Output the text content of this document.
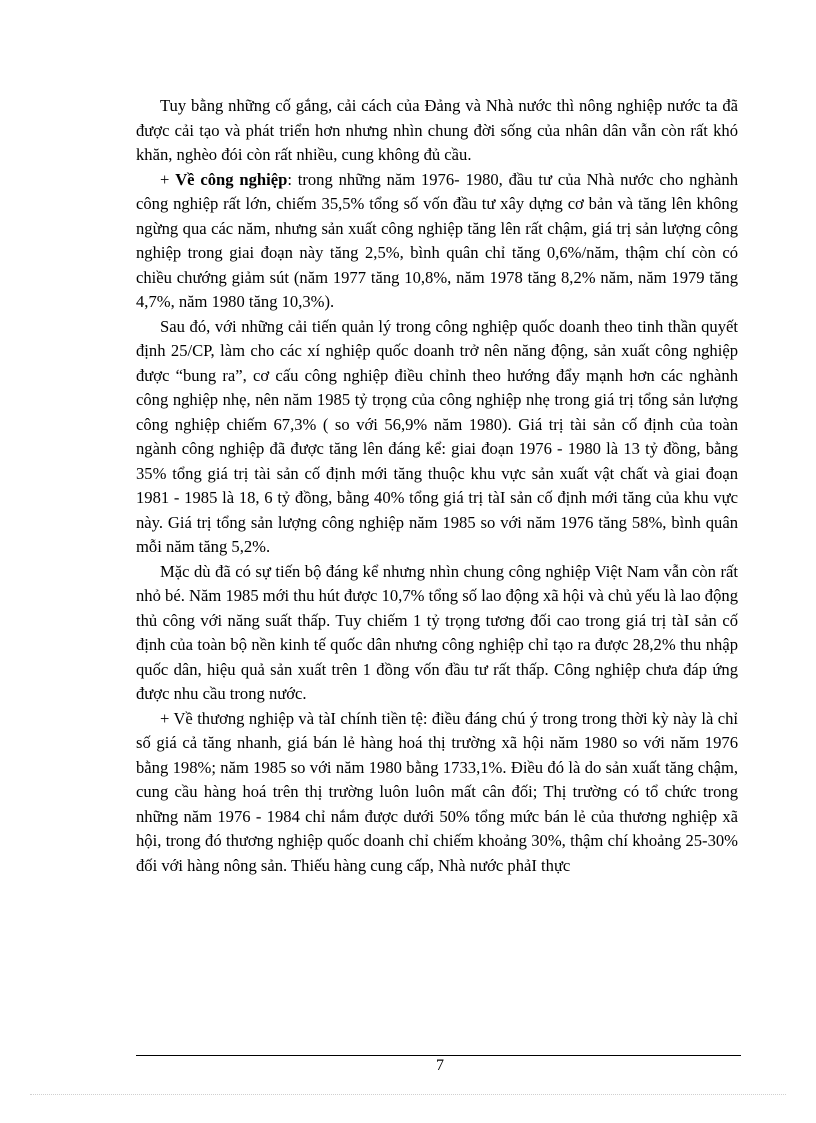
Tuy bằng những cố gắng, cải cách của Đảng và Nhà nước thì nông nghiệp nước ta đã được cải tạo và phát triển hơn nhưng nhìn chung đời sống của nhân dân vẫn còn rất khó khăn, nghèo đói còn rất nhiều, cung không đủ cầu.

+ Về công nghiệp: trong những năm 1976- 1980, đầu tư của Nhà nước cho nghành công nghiệp rất lớn, chiếm 35,5% tổng số vốn đầu tư xây dựng cơ bản và tăng lên không ngừng qua các năm, nhưng sản xuất công nghiệp tăng lên rất chậm, giá trị sản lượng công nghiệp trong giai đoạn này tăng 2,5%, bình quân chỉ tăng 0,6%/năm, thậm chí còn có chiều chướng giảm sút (năm 1977 tăng 10,8%, năm 1978 tăng 8,2% năm, năm 1979 tăng 4,7%, năm 1980 tăng 10,3%).

Sau đó, với những cải tiến quản lý trong công nghiệp quốc doanh theo tinh thần quyết định 25/CP, làm cho các xí nghiệp quốc doanh trở nên năng động, sản xuất công nghiệp được “bung ra”, cơ cấu công nghiệp điều chỉnh theo hướng đẩy mạnh hơn các nghành công nghiệp nhẹ, nên năm 1985 tỷ trọng của công nghiệp nhẹ trong giá trị tổng sản lượng công nghiệp chiếm 67,3% ( so với 56,9% năm 1980). Giá trị tài sản cố định của toàn ngành công nghiệp đã được tăng lên đáng kể: giai đoạn 1976 - 1980 là 13 tỷ đồng, bằng 35% tổng giá trị tài sản cố định mới tăng thuộc khu vực sản xuất vật chất và giai đoạn 1981 - 1985 là 18, 6 tỷ đồng, bằng 40% tổng giá trị tàI sản cố định mới tăng của khu vực này. Giá trị tổng sản lượng công nghiệp năm 1985 so với năm 1976 tăng 58%, bình quân mỗi năm tăng 5,2%.

Mặc dù đã có sự tiến bộ đáng kể nhưng nhìn chung công nghiệp Việt Nam vẫn còn rất nhỏ bé. Năm 1985 mới thu hút được 10,7% tổng số lao động xã hội và chủ yếu là lao động thủ công với năng suất thấp. Tuy chiếm 1 tỷ trọng tương đối cao trong giá trị tàI sản cố định của toàn bộ nền kinh tế quốc dân nhưng công nghiệp chỉ tạo ra được 28,2% thu nhập quốc dân, hiệu quả sản xuất trên 1 đồng vốn đầu tư rất thấp. Công nghiệp chưa đáp ứng được nhu cầu trong nước.

+ Về thương nghiệp và tàI chính tiền tệ: điều đáng chú ý trong trong thời kỳ này là chỉ số giá cả tăng nhanh, giá bán lẻ hàng hoá thị trường xã hội năm 1980 so với năm 1976 bằng 198%; năm 1985 so với năm 1980 bằng 1733,1%. Điều đó là do sản xuất tăng chậm, cung cầu hàng hoá trên thị trường luôn luôn mất cân đối; Thị trường có tổ chức trong những năm 1976 - 1984 chỉ nắm được dưới 50% tổng mức bán lẻ của thương nghiệp xã hội, trong đó thương nghiệp quốc doanh chỉ chiếm khoảng 30%, thậm chí khoảng 25-30% đối với hàng nông sản. Thiếu hàng cung cấp, Nhà nước phảI thực

7
